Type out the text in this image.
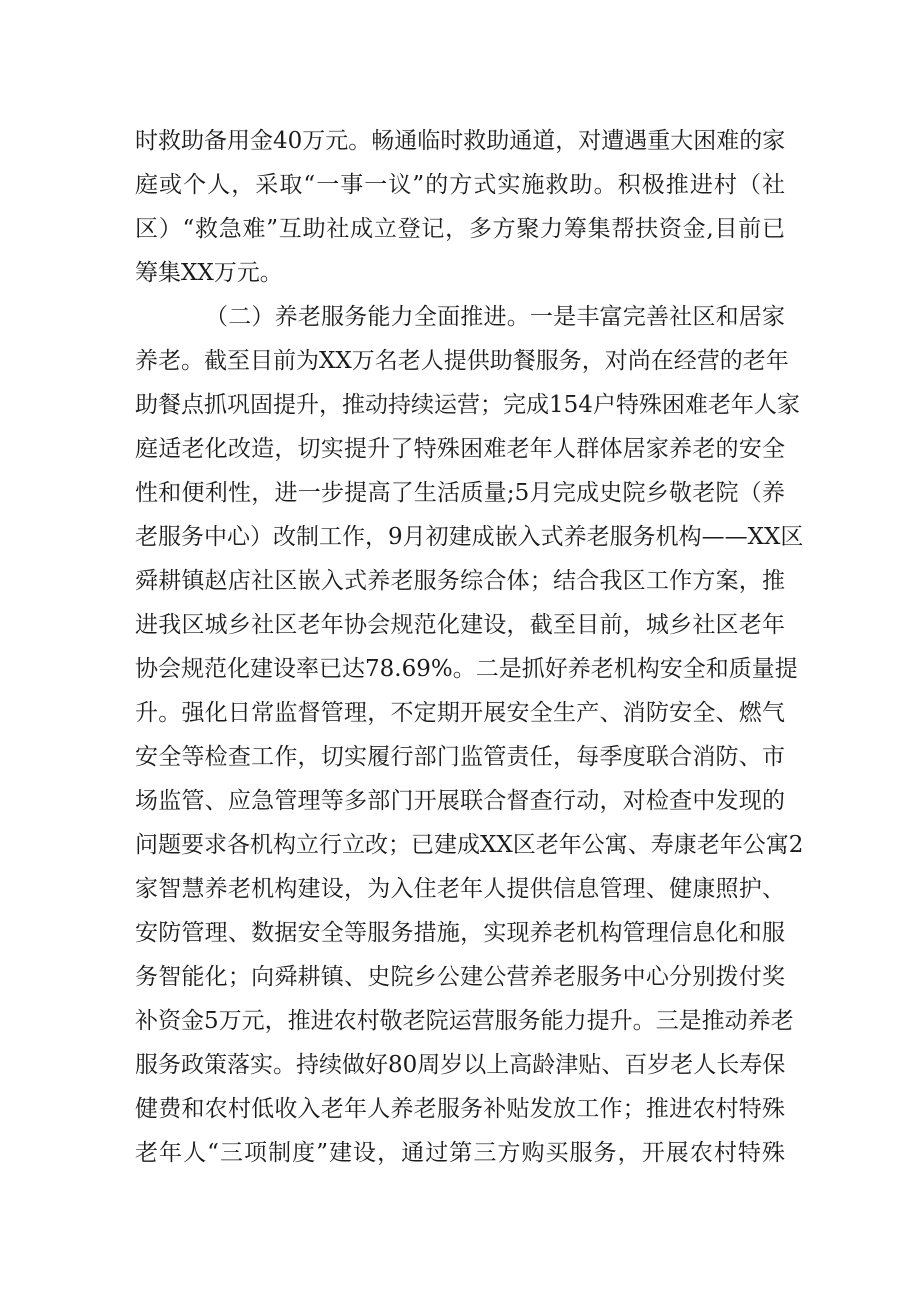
时救助备用金40万元。畅通临时救助通道，对遭遇重大困难的家
庭或个人，采取“一事一议”的方式实施救助。积极推进村（社
区）“救急难”互助社成立登记，多方聚力筹集帮扶资金,目前已
筹集XX万元。
（二）养老服务能力全面推进。一是丰富完善社区和居家
养老。截至目前为XX万名老人提供助餐服务，对尚在经营的老年
助餐点抓巩固提升，推动持续运营；完成154户特殊困难老年人家
庭适老化改造，切实提升了特殊困难老年人群体居家养老的安全
性和便利性，进一步提高了生活质量;5月完成史院乡敬老院（养
老服务中心）改制工作，9月初建成嵌入式养老服务机构——XX区
舜耕镇赵店社区嵌入式养老服务综合体；结合我区工作方案，推
进我区城乡社区老年协会规范化建设，截至目前，城乡社区老年
协会规范化建设率已达78.69%。二是抓好养老机构安全和质量提
升。强化日常监督管理，不定期开展安全生产、消防安全、燃气
安全等检查工作，切实履行部门监管责任，每季度联合消防、市
场监管、应急管理等多部门开展联合督查行动，对检查中发现的
问题要求各机构立行立改；已建成XX区老年公寓、寿康老年公寓2
家智慧养老机构建设，为入住老年人提供信息管理、健康照护、
安防管理、数据安全等服务措施，实现养老机构管理信息化和服
务智能化；向舜耕镇、史院乡公建公营养老服务中心分别拨付奖
补资金5万元，推进农村敬老院运营服务能力提升。三是推动养老
服务政策落实。持续做好80周岁以上高龄津贴、百岁老人长寿保
健费和农村低收入老年人养老服务补贴发放工作；推进农村特殊
老年人“三项制度”建设，通过第三方购买服务，开展农村特殊
